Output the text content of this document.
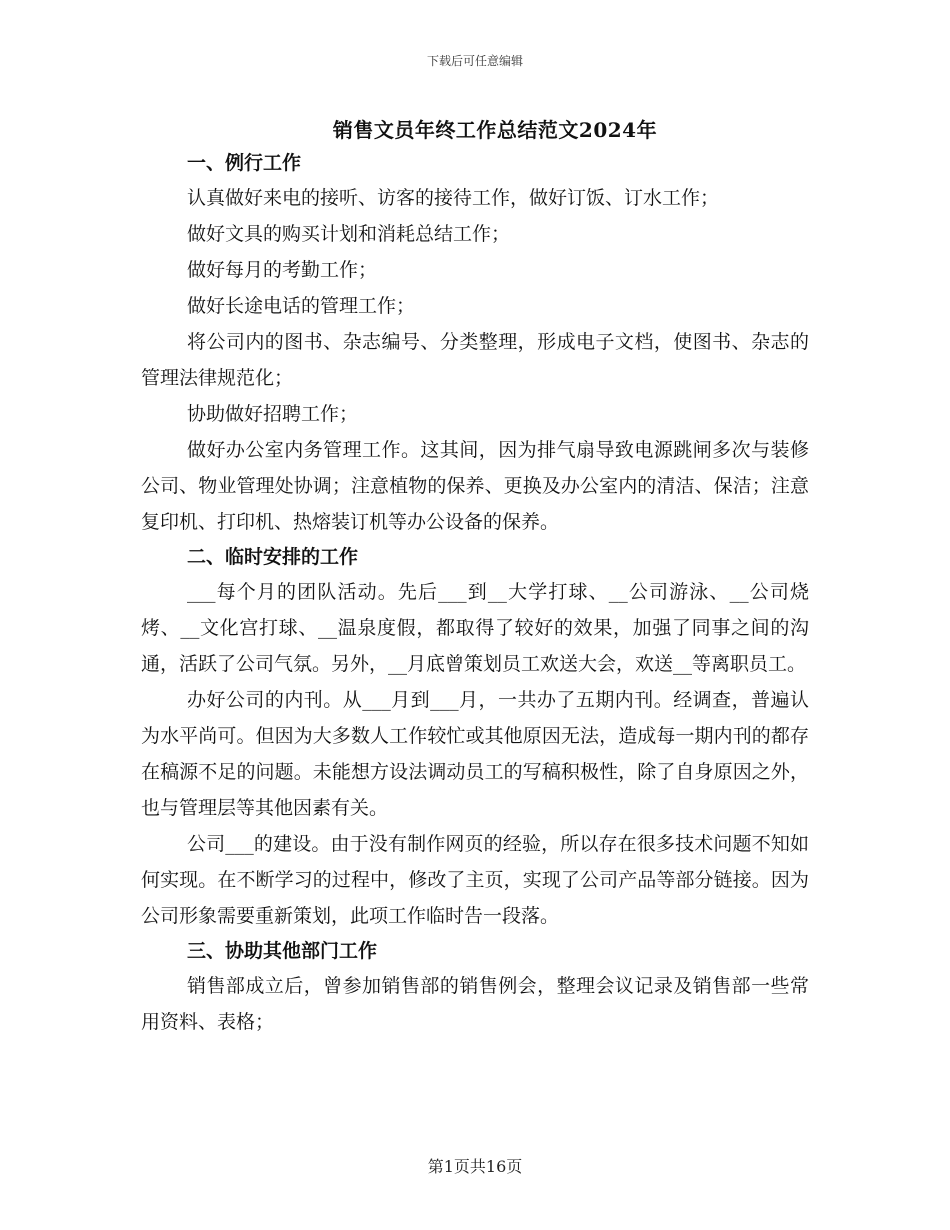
下载后可任意编辑
销售文员年终工作总结范文2024年
一、例行工作

认真做好来电的接听、访客的接待工作，做好订饭、订水工作；

做好文具的购买计划和消耗总结工作；

做好每月的考勤工作；

做好长途电话的管理工作；

将公司内的图书、杂志编号、分类整理，形成电子文档，使图书、杂志的管理法律规范化；

协助做好招聘工作；

做好办公室内务管理工作。这其间，因为排气扇导致电源跳闸多次与装修公司、物业管理处协调；注意植物的保养、更换及办公室内的清洁、保洁；注意复印机、打印机、热熔装订机等办公设备的保养。

二、临时安排的工作

___每个月的团队活动。先后___到__大学打球、__公司游泳、__公司烧烤、__文化宫打球、__温泉度假，都取得了较好的效果，加强了同事之间的沟通，活跃了公司气氛。另外，__月底曾策划员工欢送大会，欢送__等离职员工。

办好公司的内刊。从___月到___月，一共办了五期内刊。经调查，普遍认为水平尚可。但因为大多数人工作较忙或其他原因无法，造成每一期内刊的都存在稿源不足的问题。未能想方设法调动员工的写稿积极性，除了自身原因之外，也与管理层等其他因素有关。

公司___的建设。由于没有制作网页的经验，所以存在很多技术问题不知如何实现。在不断学习的过程中，修改了主页，实现了公司产品等部分链接。因为公司形象需要重新策划，此项工作临时告一段落。

三、协助其他部门工作

销售部成立后，曾参加销售部的销售例会，整理会议记录及销售部一些常用资料、表格；

第1页共16页
